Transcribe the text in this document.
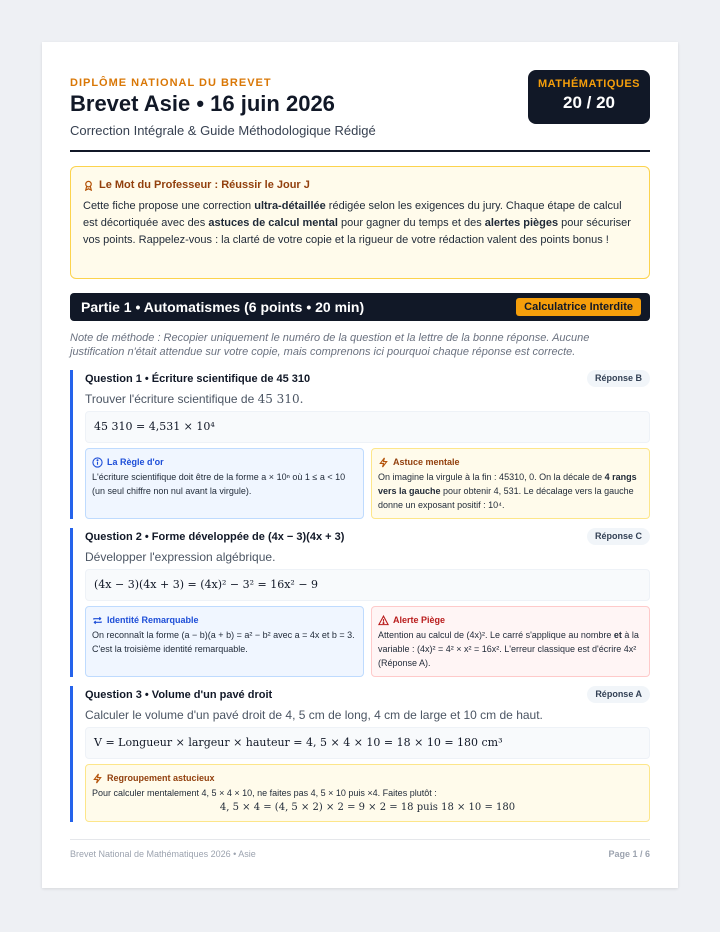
DIPLÔME NATIONAL DU BREVET
Brevet Asie • 16 juin 2026
Correction Intégrale & Guide Méthodologique Rédigé
MATHÉMATIQUES
20 / 20
Le Mot du Professeur : Réussir le Jour J
Cette fiche propose une correction ultra-détaillée rédigée selon les exigences du jury. Chaque étape de calcul est décortiquée avec des astuces de calcul mental pour gagner du temps et des alertes pièges pour sécuriser vos points. Rappelez-vous : la clarté de votre copie et la rigueur de votre rédaction valent des points bonus !
Partie 1 • Automatismes (6 points • 20 min)	Calculatrice Interdite
Note de méthode : Recopier uniquement le numéro de la question et la lettre de la bonne réponse. Aucune justification n'était attendue sur votre copie, mais comprenons ici pourquoi chaque réponse est correcte.
Question 1 • Écriture scientifique de 45 310	Réponse B
Trouver l'écriture scientifique de 45 310.
45 310 = 4,531 × 10⁴
La Règle d'or
L'écriture scientifique doit être de la forme a × 10ⁿ où 1 ≤ a < 10 (un seul chiffre non nul avant la virgule).
Astuce mentale
On imagine la virgule à la fin : 45310, 0. On la décale de 4 rangs vers la gauche pour obtenir 4, 531. Le décalage vers la gauche donne un exposant positif : 10⁴.
Question 2 • Forme développée de (4x − 3)(4x + 3)	Réponse C
Développer l'expression algébrique.
(4x − 3)(4x + 3) = (4x)² − 3² = 16x² − 9
Identité Remarquable
On reconnaît la forme (a − b)(a + b) = a² − b² avec a = 4x et b = 3. C'est la troisième identité remarquable.
Alerte Piège
Attention au calcul de (4x)². Le carré s'applique au nombre et à la variable : (4x)² = 4² × x² = 16x². L'erreur classique est d'écrire 4x² (Réponse A).
Question 3 • Volume d'un pavé droit	Réponse A
Calculer le volume d'un pavé droit de 4, 5 cm de long, 4 cm de large et 10 cm de haut.
V = Longueur × largeur × hauteur = 4, 5 × 4 × 10 = 18 × 10 = 180 cm³
Regroupement astucieux
Pour calculer mentalement 4, 5 × 4 × 10, ne faites pas 4, 5 × 10 puis ×4. Faites plutôt :
4, 5 × 4 = (4, 5 × 2) × 2 = 9 × 2 = 18 puis 18 × 10 = 180
Brevet National de Mathématiques 2026 • Asie	Page 1 / 6
